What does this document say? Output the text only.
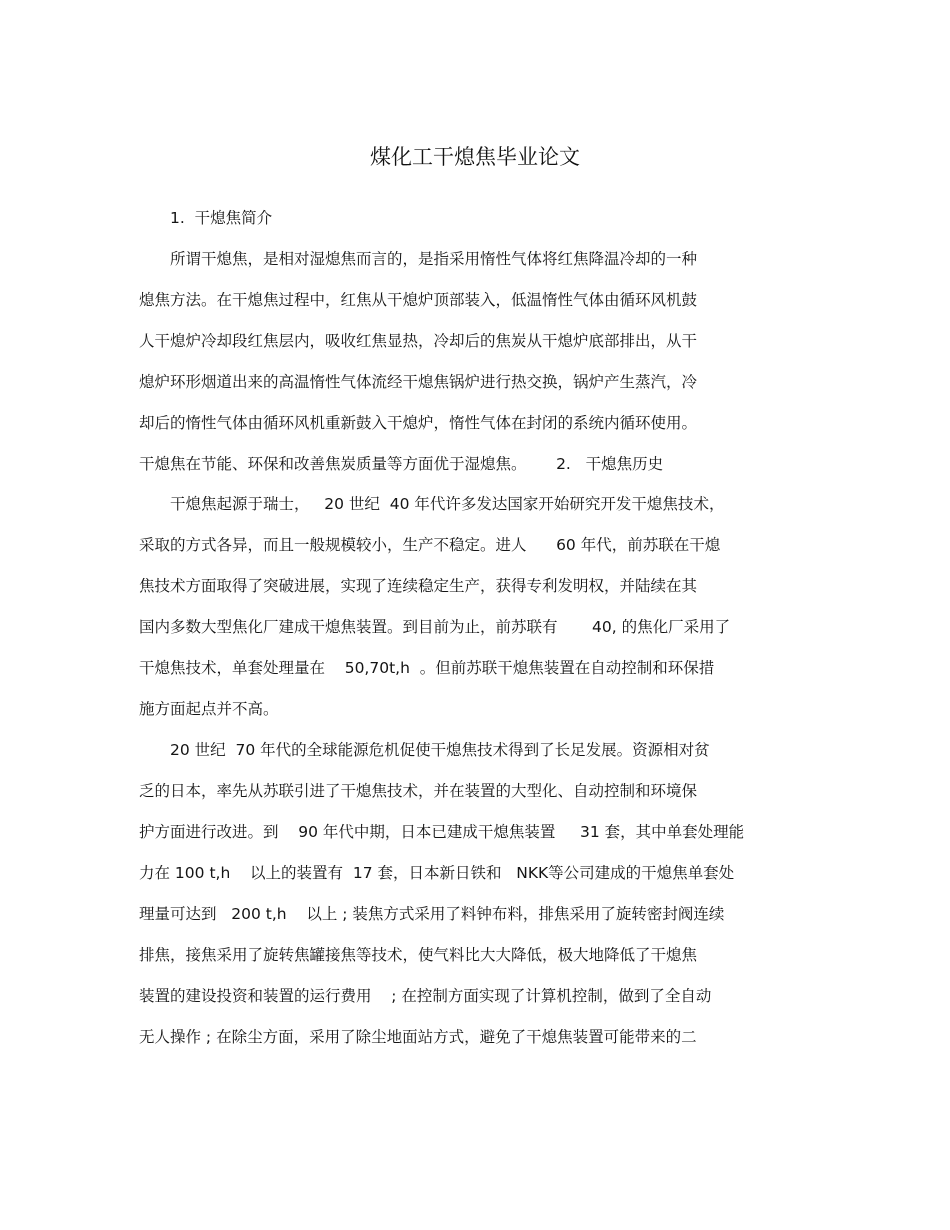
煤化工干熄焦毕业论文
1.  干熄焦简介
所谓干熄焦，是相对湿熄焦而言的，是指采用惰性气体将红焦降温冷却的一种
熄焦方法。在干熄焦过程中，红焦从干熄炉顶部装入，低温惰性气体由循环风机鼓
人干熄炉冷却段红焦层内，吸收红焦显热，冷却后的焦炭从干熄炉底部排出，从干
熄炉环形烟道出来的高温惰性气体流经干熄焦锅炉进行热交换，锅炉产生蒸汽，冷
却后的惰性气体由循环风机重新鼓入干熄炉，惰性气体在封闭的系统内循环使用。
干熄焦在节能、环保和改善焦炭质量等方面优于湿熄焦。      2.   干熄焦历史
干熄焦起源于瑞士，   20 世纪  40 年代许多发达国家开始研究开发干熄焦技术，
采取的方式各异，而且一般规模较小，生产不稳定。进人      60 年代，前苏联在干熄
焦技术方面取得了突破进展，实现了连续稳定生产，获得专利发明权，并陆续在其
国内多数大型焦化厂建成干熄焦装置。到目前为止，前苏联有       40, 的焦化厂采用了
干熄焦技术，单套处理量在    50,70t,h  。但前苏联干熄焦装置在自动控制和环保措
施方面起点并不高。
20 世纪  70 年代的全球能源危机促使干熄焦技术得到了长足发展。资源相对贫
乏的日本，率先从苏联引进了干熄焦技术，并在装置的大型化、自动控制和环境保
护方面进行改进。到    90 年代中期，日本已建成干熄焦装置     31 套，其中单套处理能
力在 100 t,h    以上的装置有  17 套，日本新日铁和   NKK等公司建成的干熄焦单套处
理量可达到   200 t,h    以上 ; 装焦方式采用了料钟布料，排焦采用了旋转密封阀连续
排焦，接焦采用了旋转焦罐接焦等技术，使气料比大大降低，极大地降低了干熄焦
装置的建设投资和装置的运行费用    ; 在控制方面实现了计算机控制，做到了全自动
无人操作 ; 在除尘方面，采用了除尘地面站方式，避免了干熄焦装置可能带来的二
